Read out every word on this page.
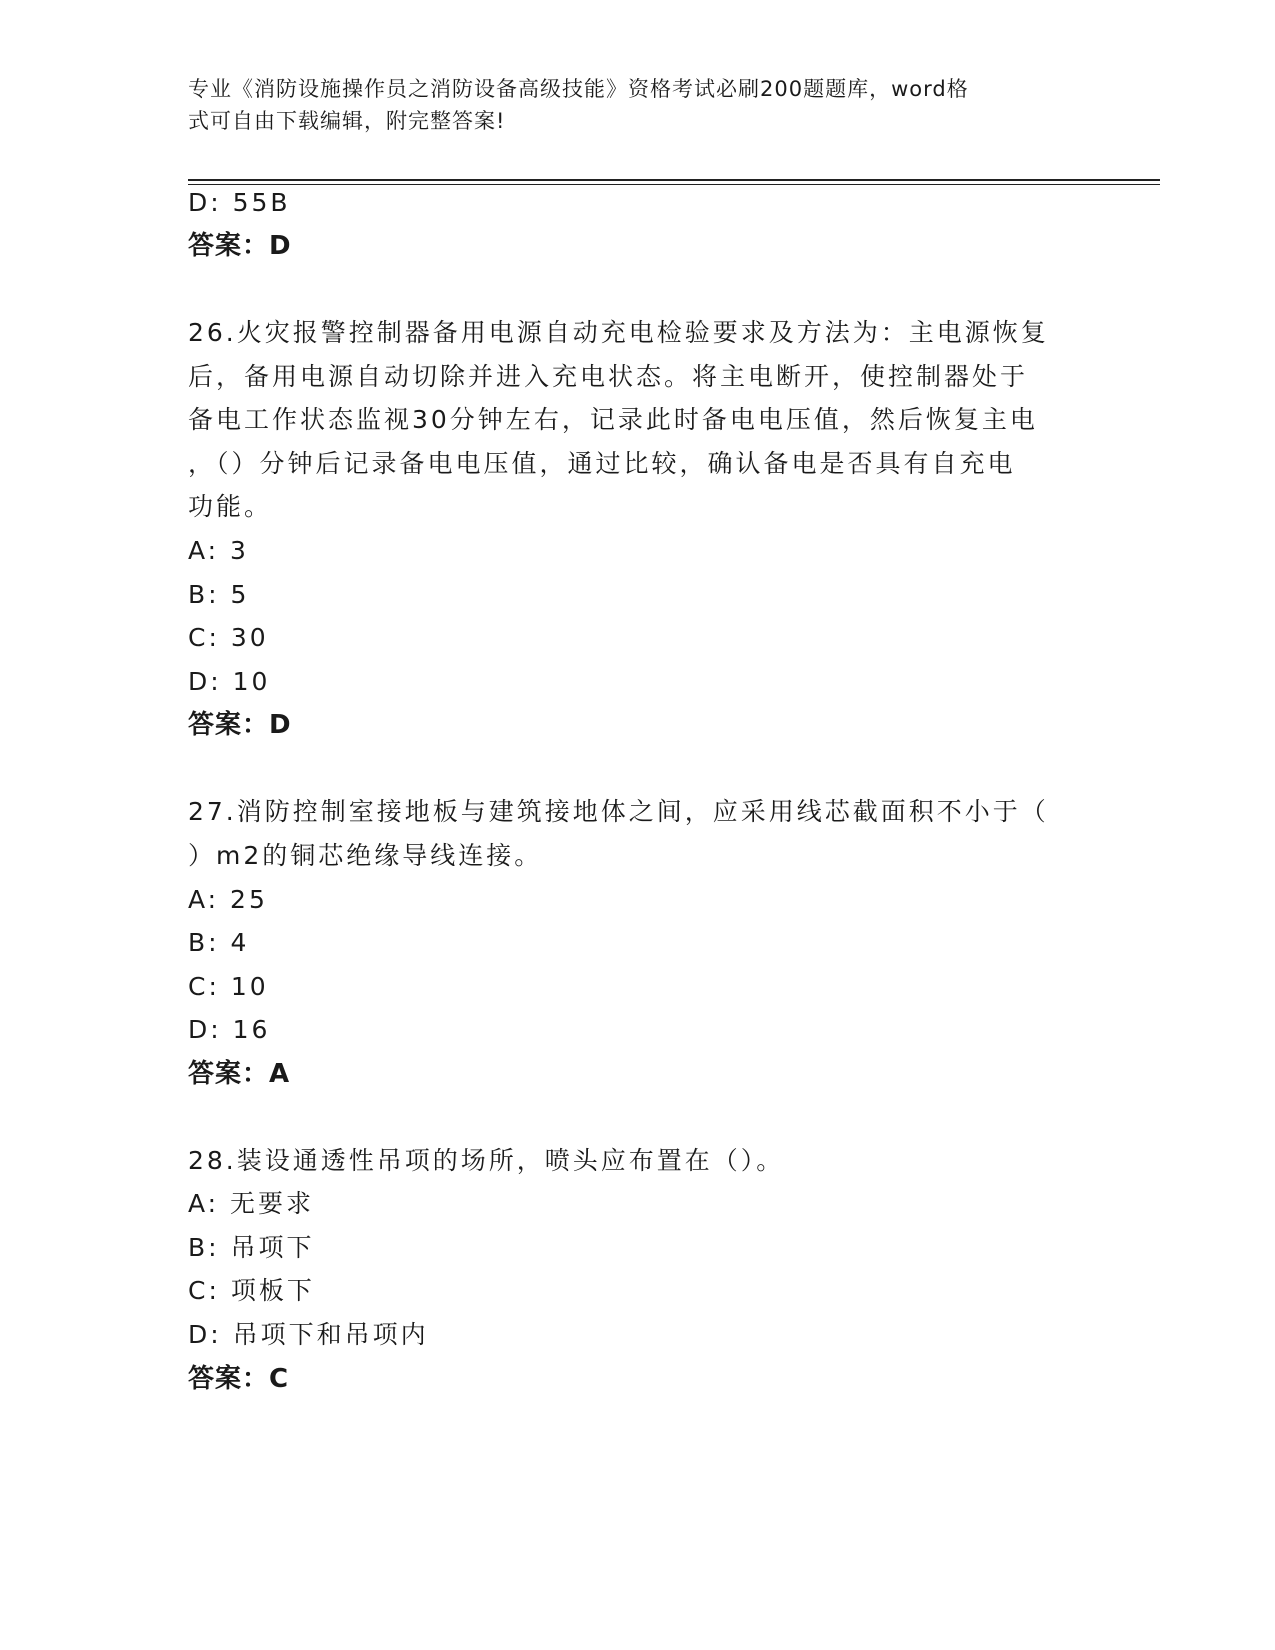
专业《消防设施操作员之消防设备高级技能》资格考试必刷200题题库，word格
式可自由下载编辑，附完整答案!
D: 55B
答案：D
26.火灾报警控制器备用电源自动充电检验要求及方法为：主电源恢复
后，备用电源自动切除并进入充电状态。将主电断开，使控制器处于
备电工作状态监视30分钟左右，记录此时备电电压值，然后恢复主电
，（）分钟后记录备电电压值，通过比较，确认备电是否具有自充电
功能。
A: 3
B: 5
C: 30
D: 10
答案：D
27.消防控制室接地板与建筑接地体之间，应采用线芯截面积不小于（
）m2的铜芯绝缘导线连接。
A: 25
B: 4
C: 10
D: 16
答案：A
28.装设通透性吊项的场所，喷头应布置在（）。
A: 无要求
B: 吊项下
C: 项板下
D: 吊项下和吊项内
答案：C
